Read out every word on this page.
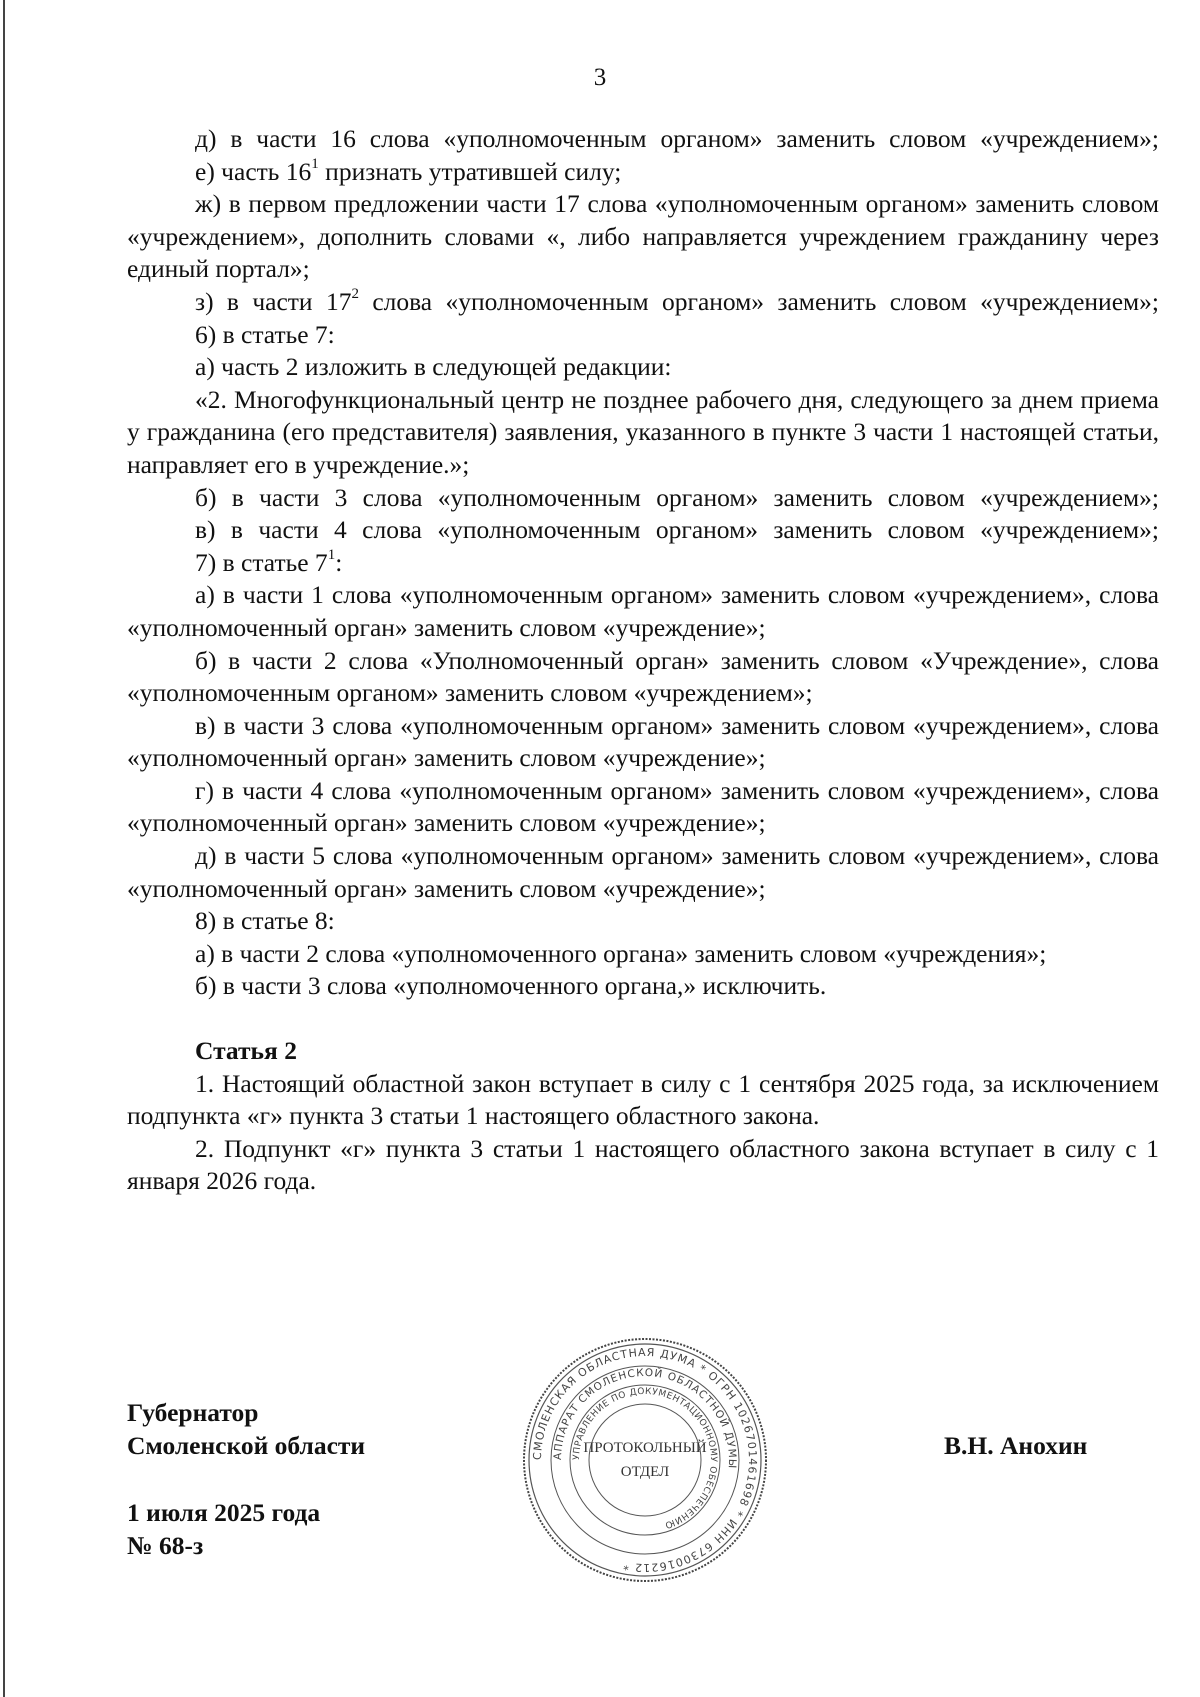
3

д) в части 16 слова «уполномоченным органом» заменить словом «учреждением»;

е) часть $16^1$ признать утратившей силу;

ж) в первом предложении части 17 слова «уполномоченным органом» заменить словом «учреждением», дополнить словами «, либо направляется учреждением гражданину через единый портал»;

з) в части $17^2$ слова «уполномоченным органом» заменить словом «учреждением»;

6) в статье 7:

а) часть 2 изложить в следующей редакции:

«2. Многофункциональный центр не позднее рабочего дня, следующего за днем приема у гражданина (его представителя) заявления, указанного в пункте 3 части 1 настоящей статьи, направляет его в учреждение.»;

б) в части 3 слова «уполномоченным органом» заменить словом «учреждением»;

в) в части 4 слова «уполномоченным органом» заменить словом «учреждением»;

7) в статье $7^1$:

а) в части 1 слова «уполномоченным органом» заменить словом «учреждением», слова «уполномоченный орган» заменить словом «учреждение»;

б) в части 2 слова «Уполномоченный орган» заменить словом «Учреждение», слова «уполномоченным органом» заменить словом «учреждением»;

в) в части 3 слова «уполномоченным органом» заменить словом «учреждением», слова «уполномоченный орган» заменить словом «учреждение»;

г) в части 4 слова «уполномоченным органом» заменить словом «учреждением», слова «уполномоченный орган» заменить словом «учреждение»;

д) в части 5 слова «уполномоченным органом» заменить словом «учреждением», слова «уполномоченный орган» заменить словом «учреждение»;

8) в статье 8:

а) в части 2 слова «уполномоченного органа» заменить словом «учреждения»;

б) в части 3 слова «уполномоченного органа,» исключить.

Статья 2

1. Настоящий областной закон вступает в силу с 1 сентября 2025 года, за исключением подпункта «г» пункта 3 статьи 1 настоящего областного закона.

2. Подпункт «г» пункта 3 статьи 1 настоящего областного закона вступает в силу с 1 января 2026 года.

Губернатор
Смоленской области
1 июля 2025 года
№ 68-з
В.Н. Анохин
СМОЛЕНСКАЯ ОБЛАСТНАЯ ДУМА * ОГРН 1026701461698 * ИНН 6730016212 *
АППАРАТ СМОЛЕНСКОЙ ОБЛАСТНОЙ ДУМЫ
УПРАВЛЕНИЕ ПО ДОКУМЕНТАЦИОННОМУ ОБЕСПЕЧЕНИЮ
ПРОТОКОЛЬНЫЙ
ОТДЕЛ
